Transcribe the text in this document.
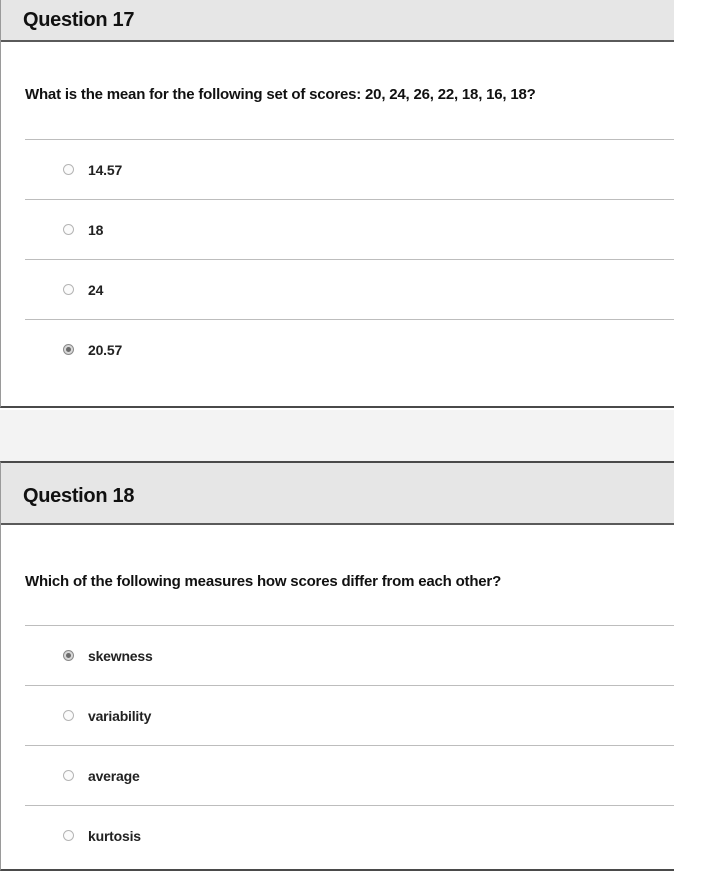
Question 17
What is the mean for the following set of scores: 20, 24, 26, 22, 18, 16, 18?
14.57
18
24
20.57
Question 18
Which of the following measures how scores differ from each other?
skewness
variability
average
kurtosis
